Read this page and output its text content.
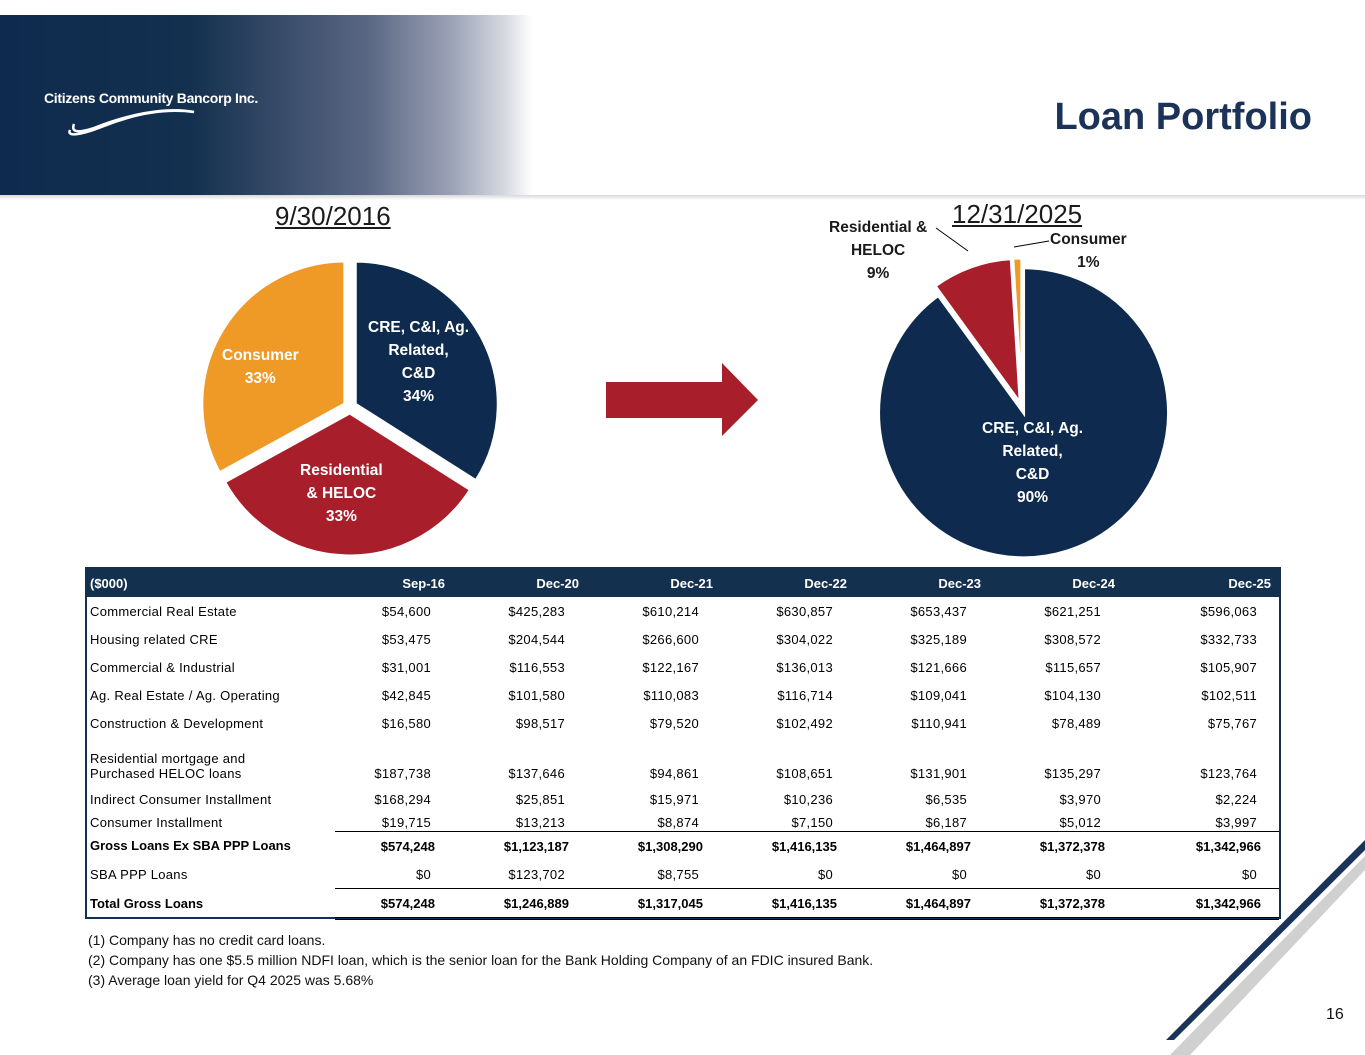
Citizens Community Bancorp Inc.	Loan Portfolio
9/30/2016
CRE, C&I, Ag.
Related,
C&D
34%
Residential
& HELOC
33%
Consumer
33%
12/31/2025
CRE, C&I, Ag.
Related,
C&D
90%
Residential &
HELOC
9%
Consumer
1%
($000)	Sep-16	Dec-20	Dec-21	Dec-22	Dec-23	Dec-24	Dec-25
Commercial Real Estate	$54,600	$425,283	$610,214	$630,857	$653,437	$621,251	$596,063
Housing related CRE	$53,475	$204,544	$266,600	$304,022	$325,189	$308,572	$332,733
Commercial & Industrial	$31,001	$116,553	$122,167	$136,013	$121,666	$115,657	$105,907
Ag. Real Estate / Ag. Operating	$42,845	$101,580	$110,083	$116,714	$109,041	$104,130	$102,511
Construction & Development	$16,580	$98,517	$79,520	$102,492	$110,941	$78,489	$75,767

Residential mortgage and
Purchased HELOC loans	$187,738	$137,646	$94,861	$108,651	$131,901	$135,297	$123,764
Indirect Consumer Installment	$168,294	$25,851	$15,971	$10,236	$6,535	$3,970	$2,224
Consumer Installment	$19,715	$13,213	$8,874	$7,150	$6,187	$5,012	$3,997
Gross Loans Ex SBA PPP Loans	$574,248	$1,123,187	$1,308,290	$1,416,135	$1,464,897	$1,372,378	$1,342,966
SBA PPP Loans	$0	$123,702	$8,755	$0	$0	$0	$0
Total Gross Loans	$574,248	$1,246,889	$1,317,045	$1,416,135	$1,464,897	$1,372,378	$1,342,966
(1) Company has no credit card loans.
(2) Company has one $5.5 million NDFI loan, which is the senior loan for the Bank Holding Company of an FDIC insured Bank.
(3) Average loan yield for Q4 2025 was 5.68%
16
